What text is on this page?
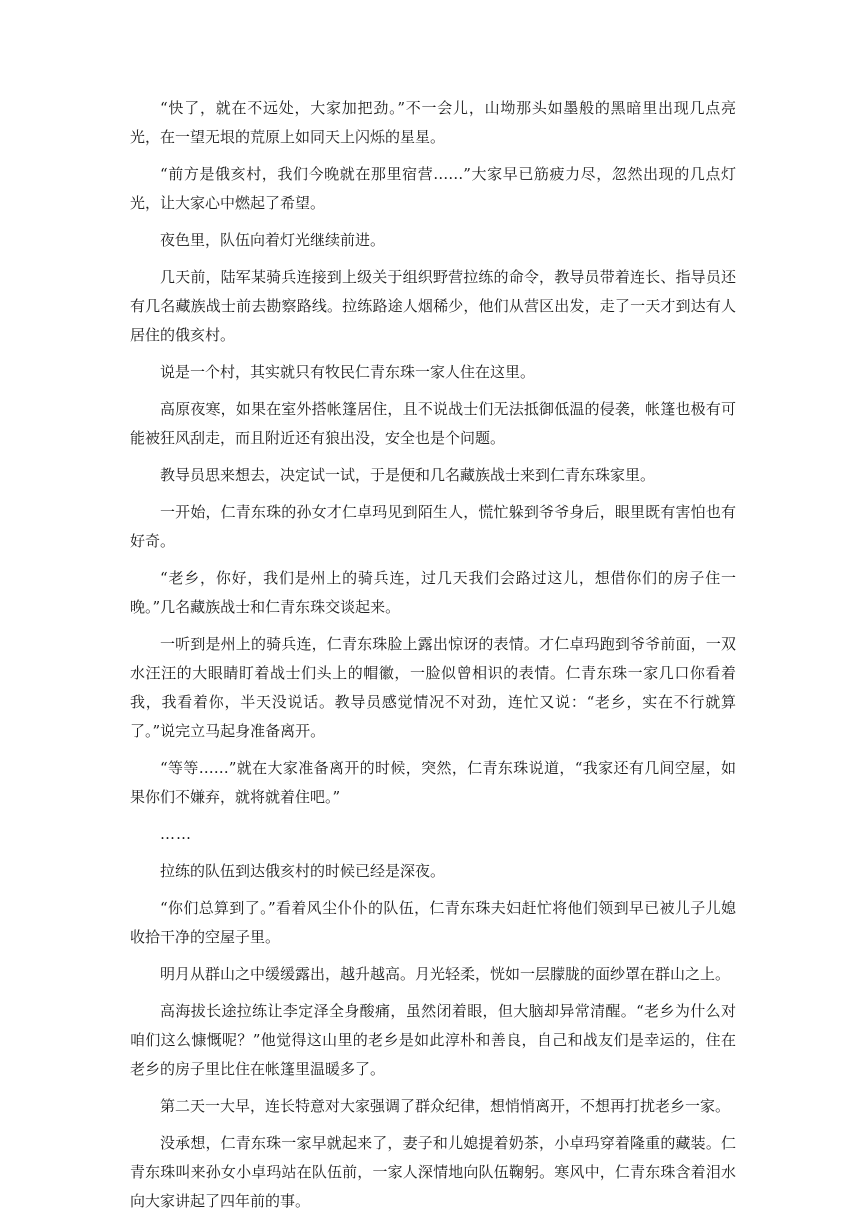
“快了，就在不远处，大家加把劲。”不一会儿，山坳那头如墨般的黑暗里出现几点亮光，在一望无垠的荒原上如同天上闪烁的星星。

“前方是俄亥村，我们今晚就在那里宿营……”大家早已筋疲力尽，忽然出现的几点灯光，让大家心中燃起了希望。

夜色里，队伍向着灯光继续前进。

几天前，陆军某骑兵连接到上级关于组织野营拉练的命令，教导员带着连长、指导员还有几名藏族战士前去勘察路线。拉练路途人烟稀少，他们从营区出发，走了一天才到达有人居住的俄亥村。

说是一个村，其实就只有牧民仁青东珠一家人住在这里。

高原夜寒，如果在室外搭帐篷居住，且不说战士们无法抵御低温的侵袭，帐篷也极有可能被狂风刮走，而且附近还有狼出没，安全也是个问题。

教导员思来想去，决定试一试，于是便和几名藏族战士来到仁青东珠家里。

一开始，仁青东珠的孙女才仁卓玛见到陌生人，慌忙躲到爷爷身后，眼里既有害怕也有好奇。

“老乡，你好，我们是州上的骑兵连，过几天我们会路过这儿，想借你们的房子住一晚。”几名藏族战士和仁青东珠交谈起来。

一听到是州上的骑兵连，仁青东珠脸上露出惊讶的表情。才仁卓玛跑到爷爷前面，一双水汪汪的大眼睛盯着战士们头上的帽徽，一脸似曾相识的表情。仁青东珠一家几口你看着我，我看着你，半天没说话。教导员感觉情况不对劲，连忙又说：“老乡，实在不行就算了。”说完立马起身准备离开。

“等等……”就在大家准备离开的时候，突然，仁青东珠说道，“我家还有几间空屋，如果你们不嫌弃，就将就着住吧。”

……

拉练的队伍到达俄亥村的时候已经是深夜。

“你们总算到了。”看着风尘仆仆的队伍，仁青东珠夫妇赶忙将他们领到早已被儿子儿媳收拾干净的空屋子里。

明月从群山之中缓缓露出，越升越高。月光轻柔，恍如一层朦胧的面纱罩在群山之上。

高海拔长途拉练让李定泽全身酸痛，虽然闭着眼，但大脑却异常清醒。“老乡为什么对咱们这么慷慨呢？”他觉得这山里的老乡是如此淳朴和善良，自己和战友们是幸运的，住在老乡的房子里比住在帐篷里温暖多了。

第二天一大早，连长特意对大家强调了群众纪律，想悄悄离开，不想再打扰老乡一家。

没承想，仁青东珠一家早就起来了，妻子和儿媳提着奶茶，小卓玛穿着隆重的藏装。仁青东珠叫来孙女小卓玛站在队伍前，一家人深情地向队伍鞠躬。寒风中，仁青东珠含着泪水向大家讲起了四年前的事。
